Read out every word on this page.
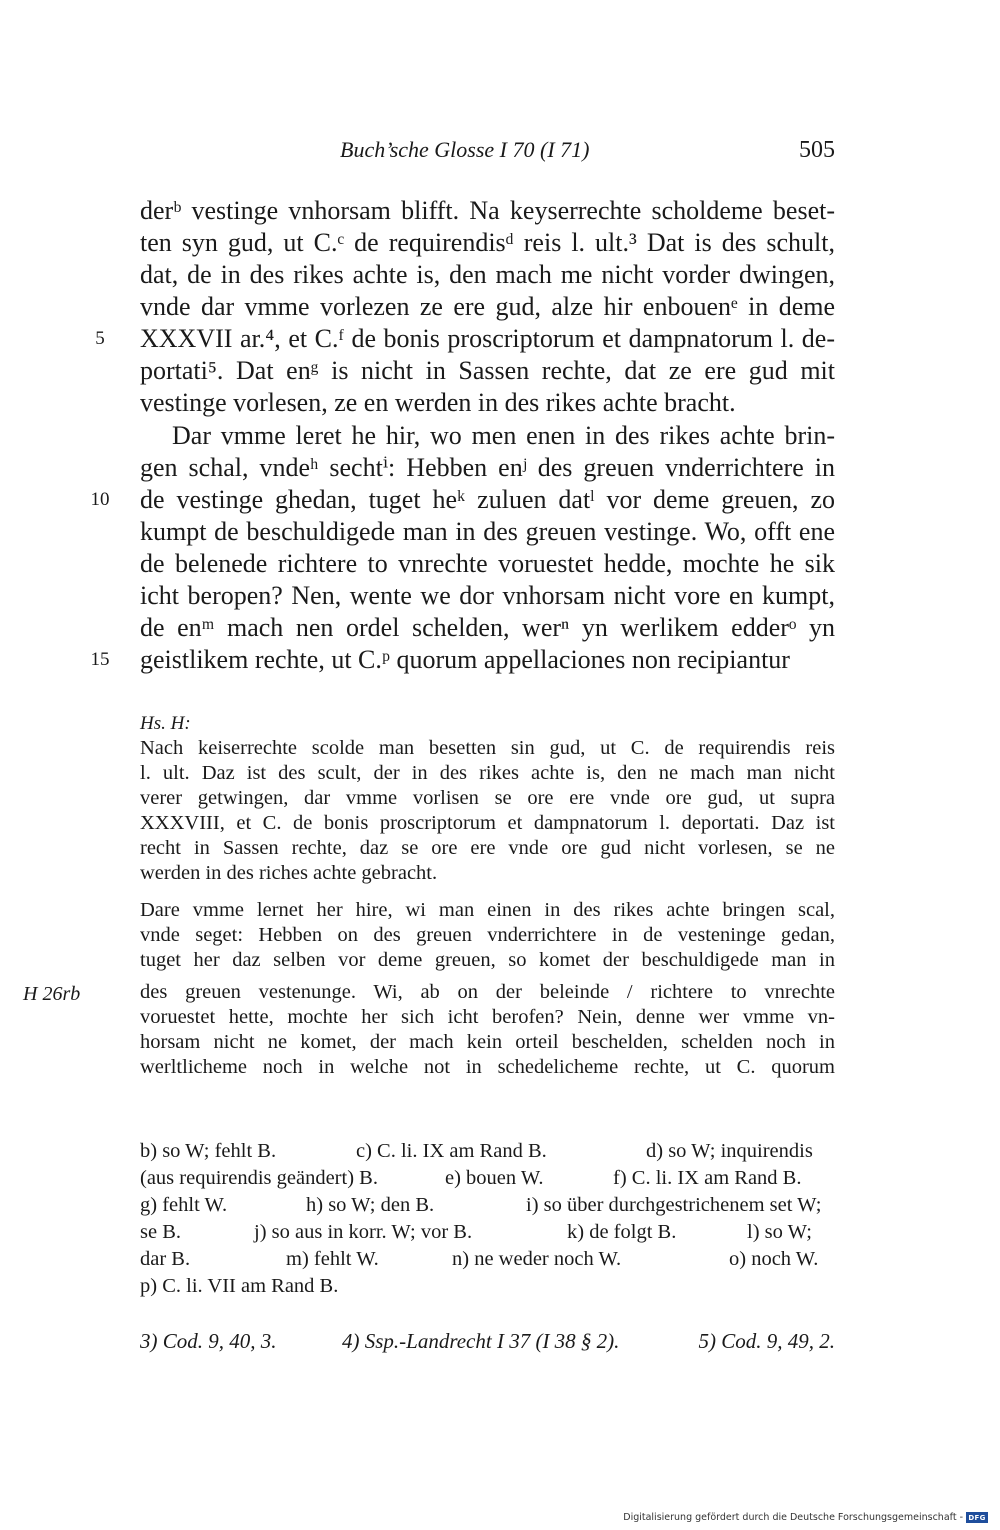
Buch’sche Glosse I 70 (I 71)	505
derᵇ vestinge vnhorsam blifft. Na keyserrechte scholdeme beset-
ten syn gud, ut C.ᶜ de requirendisᵈ reis l. ult.³ Dat is des schult,
dat, de in des rikes achte is, den mach me nicht vorder dwingen,
vnde dar vmme vorlezen ze ere gud, alze hir enbouenᵉ in deme
XXXVII ar.⁴, et C.ᶠ de bonis proscriptorum et dampnatorum l. de-
portati⁵. Dat enᵍ is nicht in Sassen rechte, dat ze ere gud mit
vestinge vorlesen, ze en werden in des rikes achte bracht.
Dar vmme leret he hir, wo men enen in des rikes achte brin-
gen schal, vndeʰ sechtⁱ: Hebben enʲ des greuen vnderrichtere in
de vestinge ghedan, tuget heᵏ zuluen datˡ vor deme greuen, zo
kumpt de beschuldigede man in des greuen vestinge. Wo, offt ene
de belenede richtere to vnrechte voruestet hedde, mochte he sik
icht beropen? Nen, wente we dor vnhorsam nicht vore en kumpt,
de enᵐ mach nen ordel schelden, werⁿ yn werlikem edderᵒ yn
geistlikem rechte, ut C.ᵖ quorum appellaciones non recipiantur
5
10
15
Hs. H:
Nach keiserrechte scolde man besetten sin gud, ut C. de requirendis reis
l. ult. Daz ist des scult, der in des rikes achte is, den ne mach man nicht
verer getwingen, dar vmme vorlisen se ore ere vnde ore gud, ut supra
XXXVIII, et C. de bonis proscriptorum et dampnatorum l. deportati. Daz ist
recht in Sassen rechte, daz se ore ere vnde ore gud nicht vorlesen, se ne
werden in des riches achte gebracht.
Dare vmme lernet her hire, wi man einen in des rikes achte bringen scal,
vnde seget: Hebben on des greuen vnderrichtere in de vesteninge gedan,
tuget her daz selben vor deme greuen, so komet der beschuldigede man in
des greuen vestenunge. Wi, ab on der beleinde / richtere to vnrechte
voruestet hette, mochte her sich icht berofen? Nein, denne wer vmme vn-
horsam nicht ne komet, der mach kein orteil beschelden, schelden noch in
werltlicheme noch in welche not in schedelicheme rechte, ut C. quorum
H 26rb
b) so W; fehlt B.	c) C. li. IX am Rand B.	d) so W; inquirendis
(aus requirendis geändert) B.	e) bouen W.	f) C. li. IX am Rand B.
g) fehlt W.	h) so W; den B.	i) so über durchgestrichenem set W;
se B.	j) so aus in korr. W; vor B.	k) de folgt B.	l) so W;
dar B.	m) fehlt W.	n) ne weder noch W.	o) noch W.
p) C. li. VII am Rand B.
3) Cod. 9, 40, 3.	4) Ssp.-Landrecht I 37 (I 38 § 2).	5) Cod. 9, 49, 2.
Digitalisierung gefördert durch die Deutsche Forschungsgemeinschaft - DFG
